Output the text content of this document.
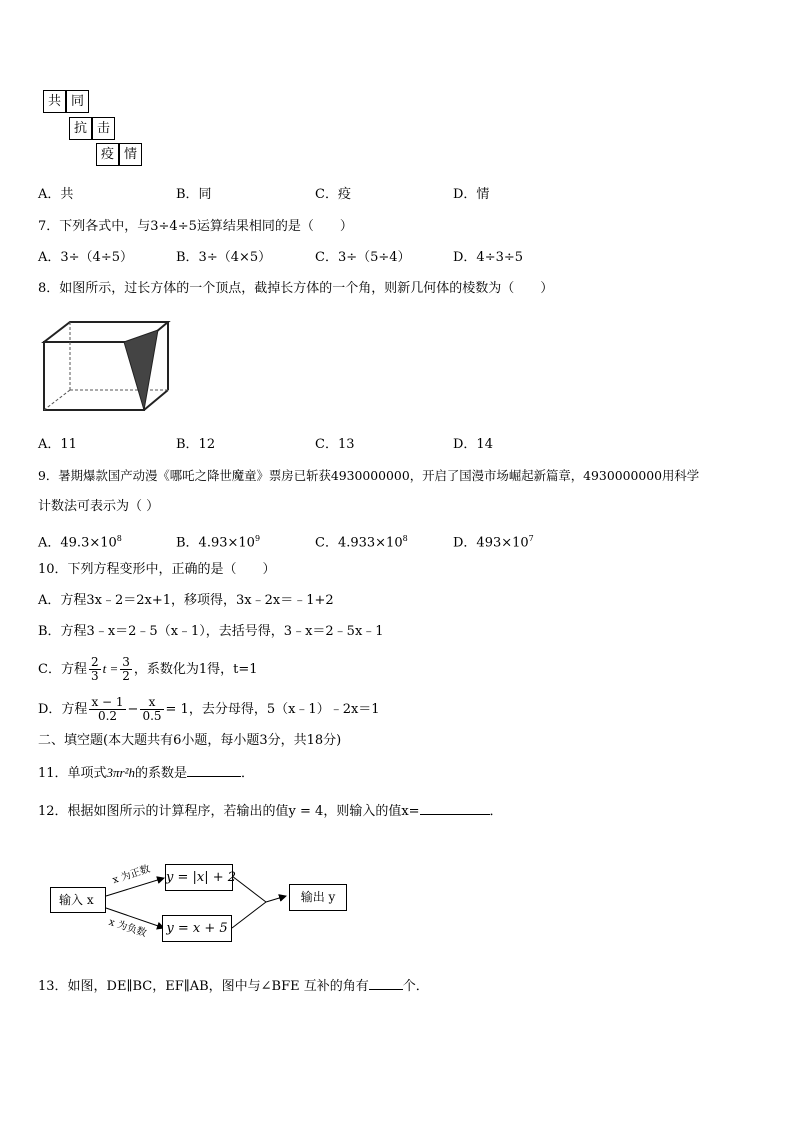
共 同
抗 击
疫 情
A．共	B．同	C．疫	D．情
7．下列各式中，与3÷4÷5运算结果相同的是（　　）
A．3÷（4÷5）	B．3÷（4×5）	C．3÷（5÷4）	D．4÷3÷5
8．如图所示，过长方体的一个顶点，截掉长方体的一个角，则新几何体的棱数为（　　）
A．11	B．12	C．13	D．14
9．暑期爆款国产动漫《哪吒之降世魔童》票房已斩获4930000000，开启了国漫市场崛起新篇章，4930000000用科学
计数法可表示为（ ）
A．$49.3\times 10^8$	B．$4.93\times 10^9$	C．$4.933\times 10^8$	D．$493\times 10^7$
10．下列方程变形中，正确的是（　　）
A．方程3x﹣2＝2x+1，移项得，3x﹣2x＝﹣1+2
B．方程3﹣x＝2﹣5（x﹣1），去括号得，3﹣x＝2﹣5x﹣1
C．方程 $\frac{2}{3}$ $t = \frac{3}{2}$ ，系数化为1得，t=1
D．方程 $\frac{x - 1}{0.2} - \frac{x}{0.5} = 1$，去分母得，5（x﹣1）﹣2x＝1
二、填空题(本大题共有6小题，每小题3分，共18分)
11．单项式3πr²h的系数是	．
12．根据如图所示的计算程序，若输出的值y = 4，则输入的值x=	．
输入 x
x 为正数
x 为负数
y = |x| + 2
y = x + 5
输出 y
13．如图，DE∥BC，EF∥AB，图中与∠BFE 互补的角有	个．
